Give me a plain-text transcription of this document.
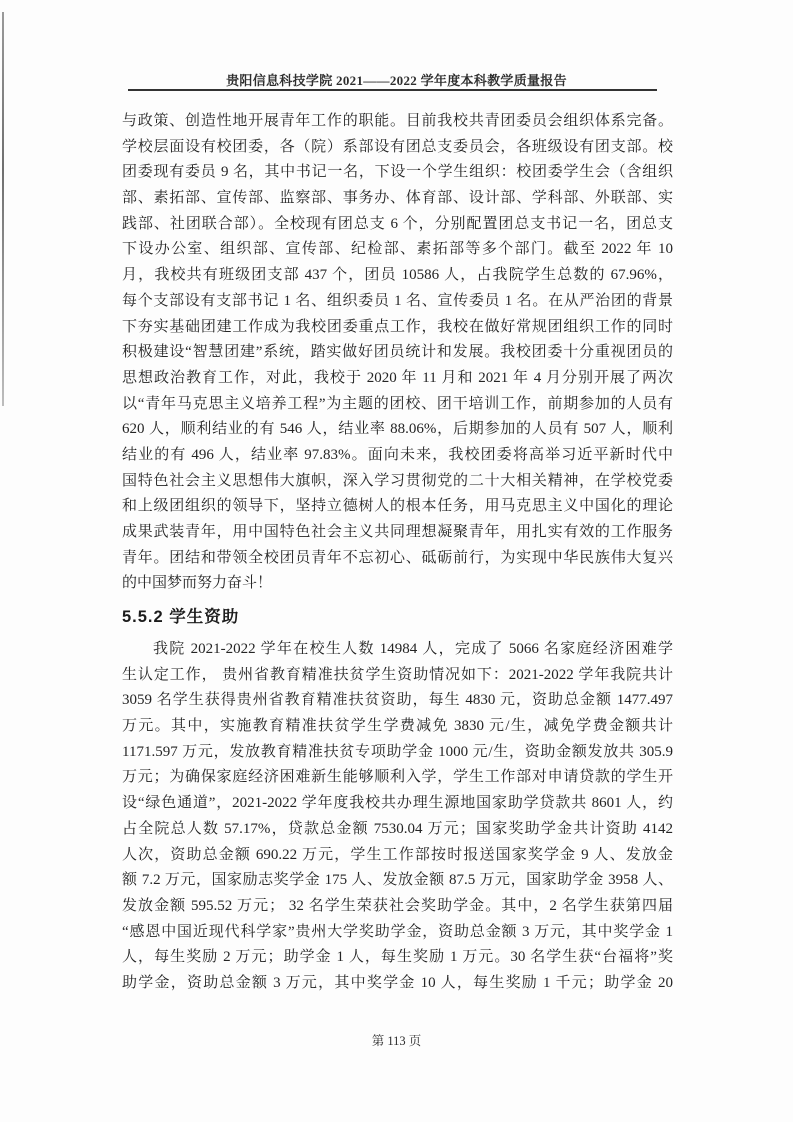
贵阳信息科技学院 2021——2022 学年度本科教学质量报告
与政策、创造性地开展青年工作的职能。目前我校共青团委员会组织体系完备。
学校层面设有校团委，各（院）系部设有团总支委员会，各班级设有团支部。校
团委现有委员 9 名，其中书记一名，下设一个学生组织：校团委学生会（含组织
部、素拓部、宣传部、监察部、事务办、体育部、设计部、学科部、外联部、实
践部、社团联合部）。全校现有团总支 6 个，分别配置团总支书记一名，团总支
下设办公室、组织部、宣传部、纪检部、素拓部等多个部门。截至 2022 年 10
月，我校共有班级团支部 437 个，团员 10586 人，占我院学生总数的 67.96%，
每个支部设有支部书记 1 名、组织委员 1 名、宣传委员 1 名。在从严治团的背景
下夯实基础团建工作成为我校团委重点工作，我校在做好常规团组织工作的同时
积极建设“智慧团建”系统，踏实做好团员统计和发展。我校团委十分重视团员的
思想政治教育工作，对此，我校于 2020 年 11 月和 2021 年 4 月分别开展了两次
以“青年马克思主义培养工程”为主题的团校、团干培训工作，前期参加的人员有
620 人，顺利结业的有 546 人，结业率 88.06%，后期参加的人员有 507 人，顺利
结业的有 496 人，结业率 97.83%。面向未来，我校团委将高举习近平新时代中
国特色社会主义思想伟大旗帜，深入学习贯彻党的二十大相关精神，在学校党委
和上级团组织的领导下，坚持立德树人的根本任务，用马克思主义中国化的理论
成果武装青年，用中国特色社会主义共同理想凝聚青年，用扎实有效的工作服务
青年。团结和带领全校团员青年不忘初心、砥砺前行，为实现中华民族伟大复兴
的中国梦而努力奋斗！
5.5.2 学生资助
我院 2021-2022 学年在校生人数 14984 人，完成了 5066 名家庭经济困难学
生认定工作， 贵州省教育精准扶贫学生资助情况如下：2021-2022 学年我院共计
3059 名学生获得贵州省教育精准扶贫资助，每生 4830 元，资助总金额 1477.497
万元。其中，实施教育精准扶贫学生学费减免 3830 元/生，减免学费金额共计
1171.597 万元，发放教育精准扶贫专项助学金 1000 元/生，资助金额发放共 305.9
万元；为确保家庭经济困难新生能够顺利入学，学生工作部对申请贷款的学生开
设“绿色通道”，2021-2022 学年度我校共办理生源地国家助学贷款共 8601 人，约
占全院总人数 57.17%，贷款总金额 7530.04 万元；国家奖助学金共计资助 4142
人次，资助总金额 690.22 万元，学生工作部按时报送国家奖学金 9 人、发放金
额 7.2 万元，国家励志奖学金 175 人、发放金额 87.5 万元，国家助学金 3958 人、
发放金额 595.52 万元； 32 名学生荣获社会奖助学金。其中，2 名学生获第四届
“感恩中国近现代科学家”贵州大学奖助学金，资助总金额 3 万元，其中奖学金 1
人，每生奖励 2 万元；助学金 1 人，每生奖励 1 万元。30 名学生获“台福将”奖
助学金，资助总金额 3 万元，其中奖学金 10 人，每生奖励 1 千元；助学金 20
第 113 页
